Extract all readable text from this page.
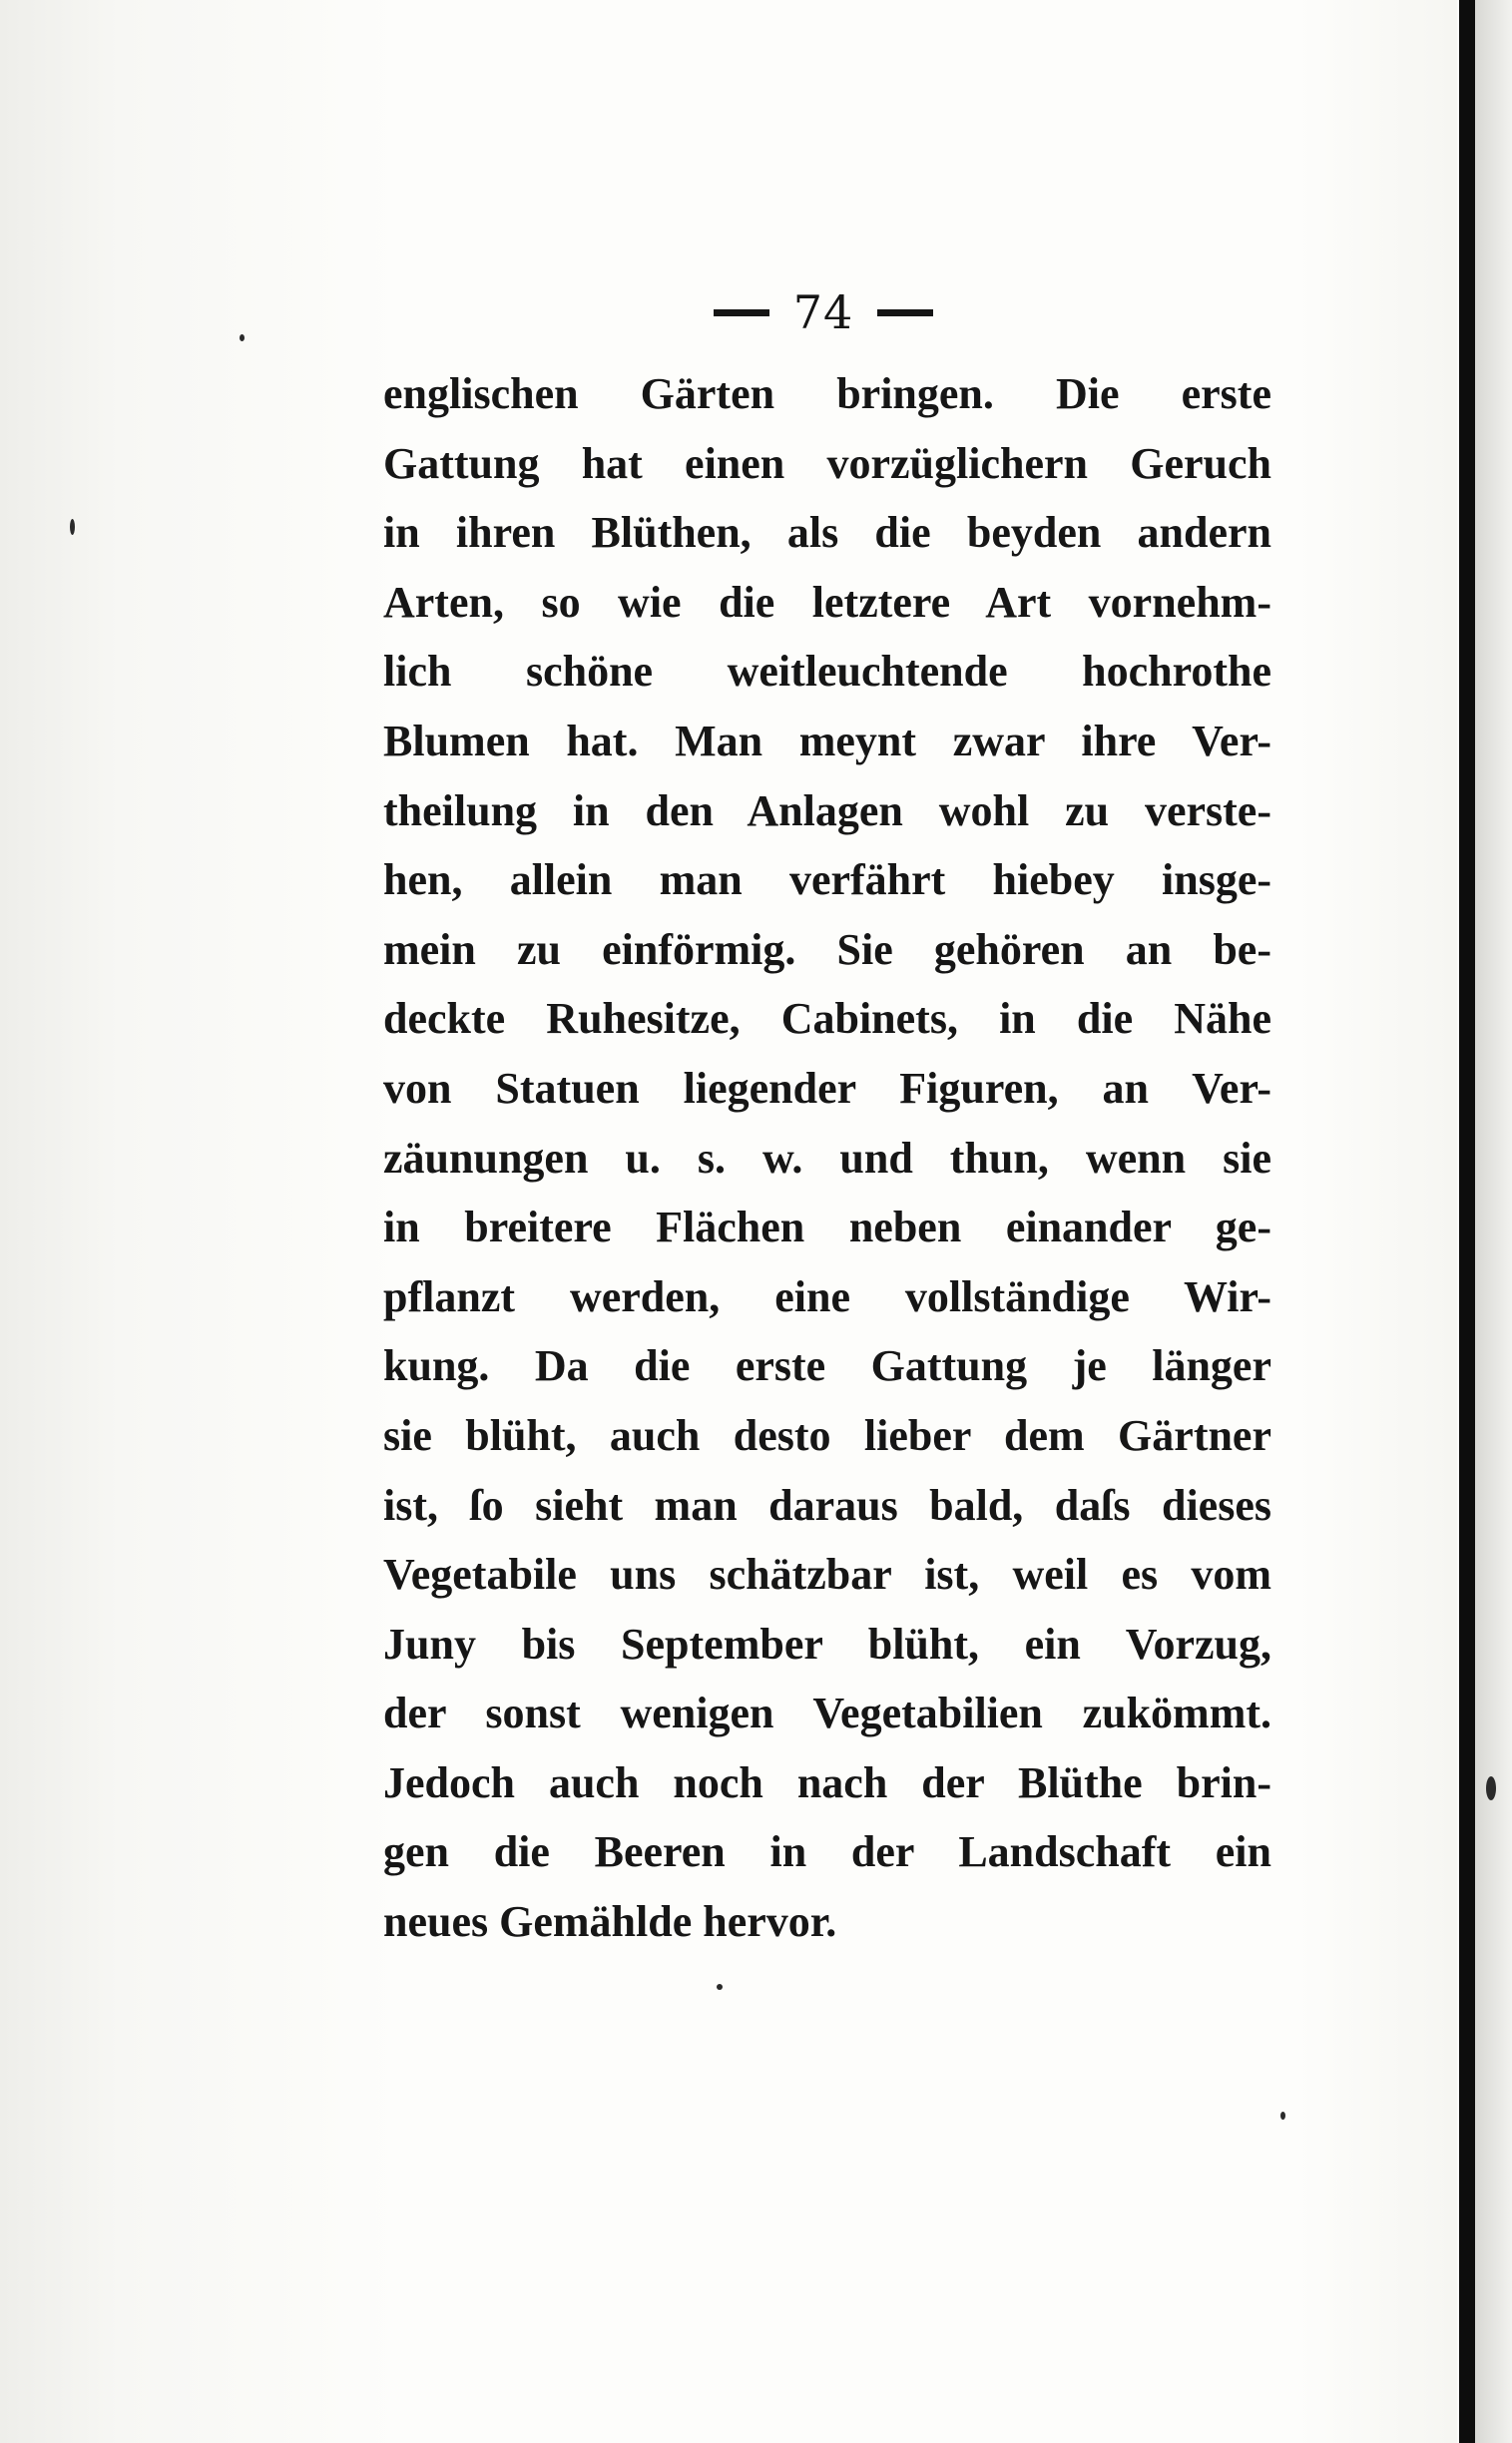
74
englischen Gärten bringen. Die erste
Gattung hat einen vorzüglichern Geruch
in ihren Blüthen, als die beyden andern
Arten, so wie die letztere Art vornehm-
lich schöne weitleuchtende hochrothe
Blumen hat. Man meynt zwar ihre Ver-
theilung in den Anlagen wohl zu verste-
hen, allein man verfährt hiebey insge-
mein zu einförmig. Sie gehören an be-
deckte Ruhesitze, Cabinets, in die Nähe
von Statuen liegender Figuren, an Ver-
zäunungen u. s. w. und thun, wenn sie
in breitere Flächen neben einander ge-
pflanzt werden, eine vollständige Wir-
kung. Da die erste Gattung je länger
sie blüht, auch desto lieber dem Gärtner
ist, ſo sieht man daraus bald, daſs dieses
Vegetabile uns schätzbar ist, weil es vom
Juny bis September blüht, ein Vorzug,
der sonst wenigen Vegetabilien zukömmt.
Jedoch auch noch nach der Blüthe brin-
gen die Beeren in der Landschaft ein
neues Gemählde hervor.
